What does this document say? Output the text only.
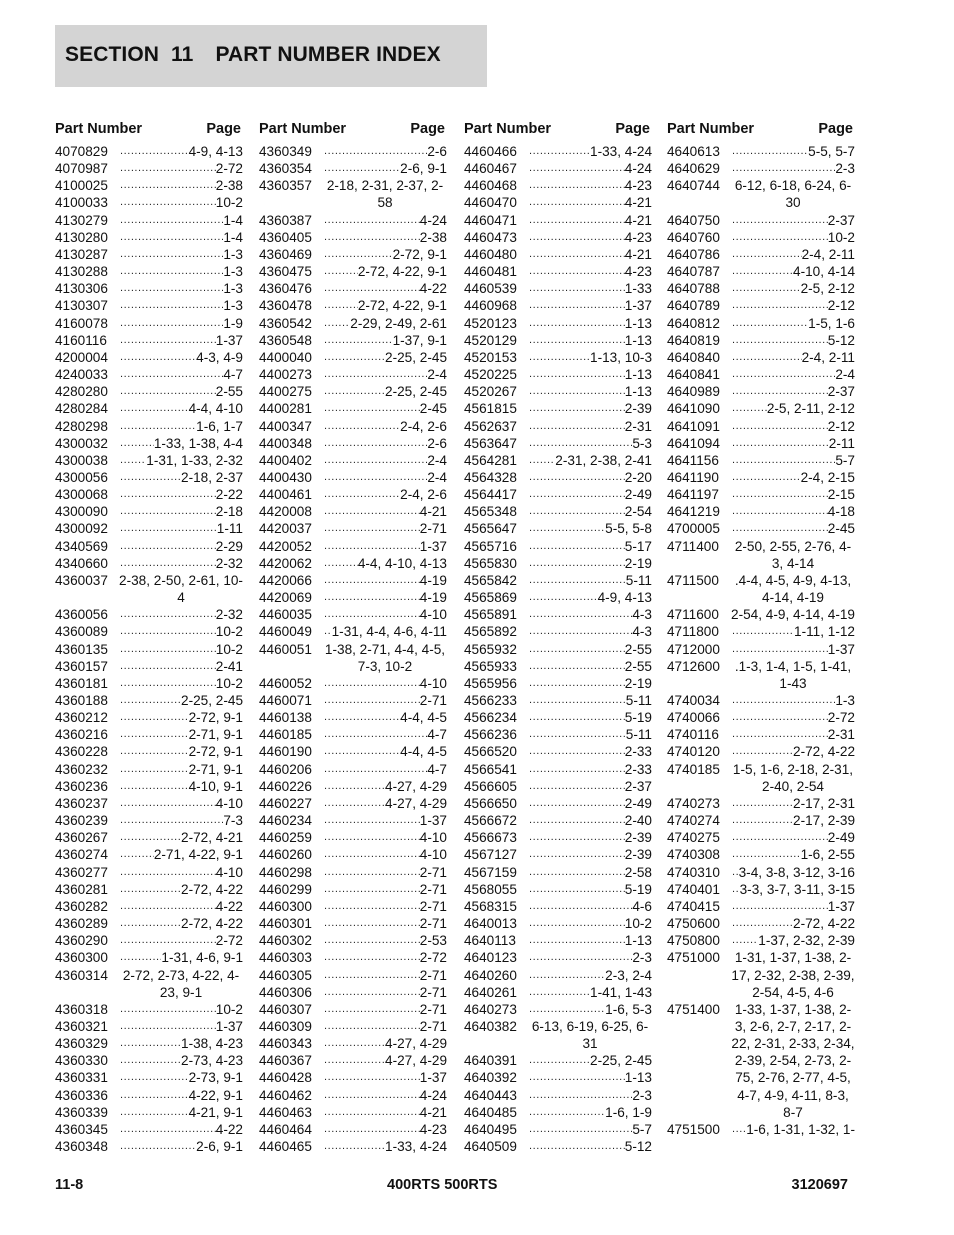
SECTION 11 PART NUMBER INDEX
Part Number	Page
4070829 .....	4-9, 4-13
4070987 .....	2-72
4100025 .....	2-38
4100033 .....	10-2
4130279 .....	1-4
4130280 .....	1-4
4130287 .....	1-3
4130288 .....	1-3
4130306 .....	1-3
4130307 .....	1-3
4160078 .....	1-9
4160116 .....	1-37
4200004 .....	4-3, 4-9
4240033 .....	4-7
4280280 .....	2-55
4280284 .....	4-4, 4-10
4280298 .....	1-6, 1-7
4300032 .....	1-33, 1-38, 4-4
4300038 .....	1-31, 1-33, 2-32
4300056 .....	2-18, 2-37
4300068 .....	2-22
4300090 .....	2-18
4300092 .....	1-11
4340569 .....	2-29
4340660 .....	2-32
4360037 2-38, 2-50, 2-61, 10-4
4360056 .....	2-32
4360089 .....	10-2
4360135 .....	10-2
4360157 .....	2-41
4360181 .....	10-2
4360188 .....	2-25, 2-45
4360212 .....	2-72, 9-1
4360216 .....	2-71, 9-1
4360228 .....	2-72, 9-1
4360232 .....	2-71, 9-1
4360236 .....	4-10, 9-1
4360237 .....	4-10
4360239 .....	7-3
4360267 .....	2-72, 4-21
4360274 .....	2-71, 4-22, 9-1
4360277 .....	4-10
4360281 .....	2-72, 4-22
4360282 .....	4-22
4360289 .....	2-72, 4-22
4360290 .....	2-72
4360300 .....	1-31, 4-6, 9-1
4360314	2-72, 2-73, 4-22, 4-23, 9-1
4360318 .....	10-2
4360321 .....	1-37
4360329 .....	1-38, 4-23
4360330 .....	2-73, 4-23
4360331 .....	2-73, 9-1
4360336 .....	4-22, 9-1
4360339 .....	4-21, 9-1
4360345 .....	4-22
4360348 .....	2-6, 9-1
Part Number	Page
4360349 .....	2-6
4360354 .....	2-6, 9-1
4360357	2-18, 2-31, 2-37, 2-58
4360387 .....	4-24
4360405 .....	2-38
4360469 .....	2-72, 9-1
4360475 .....	2-72, 4-22, 9-1
4360476 .....	4-22
4360478 .....	2-72, 4-22, 9-1
4360542 .....	2-29, 2-49, 2-61
4360548 .....	1-37, 9-1
4400040 .....	2-25, 2-45
4400273 .....	2-4
4400275 .....	2-25, 2-45
4400281 .....	2-45
4400347 .....	2-4, 2-6
4400348 .....	2-6
4400402 .....	2-4
4400430 .....	2-4
4400461 .....	2-4, 2-6
4420008 .....	4-21
4420037 .....	2-71
4420052 .....	1-37
4420062 .....	4-4, 4-10, 4-13
4420066 .....	4-19
4420069 .....	4-19
4460035 .....	4-10
4460049 .....	1-31, 4-4, 4-6, 4-11
4460051 1-38, 2-71, 4-4, 4-5, 7-3, 10-2
4460052 .....	4-10
4460071 .....	2-71
4460138 .....	4-4, 4-5
4460185 .....	4-7
4460190 .....	4-4, 4-5
4460206 .....	4-7
4460226 .....	4-27, 4-29
4460227 .....	4-27, 4-29
4460234 .....	1-37
4460259 .....	4-10
4460260 .....	4-10
4460298 .....	2-71
4460299 .....	2-71
4460300 .....	2-71
4460301 .....	2-71
4460302 .....	2-53
4460303 .....	2-72
4460305 .....	2-71
4460306 .....	2-71
4460307 .....	2-71
4460309 .....	2-71
4460343 .....	4-27, 4-29
4460367 .....	4-27, 4-29
4460428 .....	1-37
4460462 .....	4-24
4460463 .....	4-21
4460464 .....	4-23
4460465 .....	1-33, 4-24
Part Number	Page
4460466 .....	1-33, 4-24
4460467 .....	4-24
4460468 .....	4-23
4460470 .....	4-21
4460471 .....	4-21
4460473 .....	4-23
4460480 .....	4-21
4460481 .....	4-23
4460539 .....	1-33
4460968 .....	1-37
4520123 .....	1-13
4520129 .....	1-13
4520153 .....	1-13, 10-3
4520225 .....	1-13
4520267 .....	1-13
4561815 .....	2-39
4562637 .....	2-31
4563647 .....	5-3
4564281 .....	2-31, 2-38, 2-41
4564328 .....	2-20
4564417 .....	2-49
4565348 .....	2-54
4565647 .....	5-5, 5-8
4565716 .....	5-17
4565830 .....	2-19
4565842 .....	5-11
4565869 .....	4-9, 4-13
4565891 .....	4-3
4565892 .....	4-3
4565932 .....	2-55
4565933 .....	2-55
4565956 .....	2-19
4566233 .....	5-11
4566234 .....	5-19
4566236 .....	5-11
4566520 .....	2-33
4566541 .....	2-33
4566605 .....	2-37
4566650 .....	2-49
4566672 .....	2-40
4566673 .....	2-39
4567127 .....	2-39
4567159 .....	2-58
4568055 .....	5-19
4568315 .....	4-6
4640013 .....	10-2
4640113 .....	1-13
4640123 .....	2-3
4640260 .....	2-3, 2-4
4640261 .....	1-41, 1-43
4640273 .....	1-6, 5-3
4640382	6-13, 6-19, 6-25, 6-31
4640391 .....	2-25, 2-45
4640392 .....	1-13
4640443 .....	2-3
4640485 .....	1-6, 1-9
4640495 .....	5-7
4640509 .....	5-12
Part Number	Page
4640613 .....	5-5, 5-7
4640629 .....	2-3
4640744	6-12, 6-18, 6-24, 6-30
4640750 .....	2-37
4640760 .....	10-2
4640786 .....	2-4, 2-11
4640787 .....	4-10, 4-14
4640788 .....	2-5, 2-12
4640789 .....	2-12
4640812 .....	1-5, 1-6
4640819 .....	5-12
4640840 .....	2-4, 2-11
4640841 .....	2-4
4640989 .....	2-37
4641090 .....	2-5, 2-11, 2-12
4641091 .....	2-12
4641094 .....	2-11
4641156 .....	5-7
4641190 .....	2-4, 2-15
4641197 .....	2-15
4641219 .....	4-18
4700005 .....	2-45
4711400	2-50, 2-55, 2-76, 4-3, 4-14
4711500	.4-4, 4-5, 4-9, 4-13, 4-14, 4-19
4711600 2-54, 4-9, 4-14, 4-19
4711800 .....	1-11, 1-12
4712000 .....	1-37
4712600	.1-3, 1-4, 1-5, 1-41, 1-43
4740034 .....	1-3
4740066 .....	2-72
4740116 .....	2-31
4740120 .....	2-72, 4-22
4740185 1-5, 1-6, 2-18, 2-31, 2-40, 2-54
4740273 .....	2-17, 2-31
4740274 .....	2-17, 2-39
4740275 .....	2-49
4740308 .....	1-6, 2-55
4740310 .....	3-4, 3-8, 3-12, 3-16
4740401 .....	3-3, 3-7, 3-11, 3-15
4740415 .....	1-37
4750600 .....	2-72, 4-22
4750800 .....	1-37, 2-32, 2-39
4751000	1-31, 1-37, 1-38, 2-17, 2-32, 2-38, 2-39, 2-54, 4-5, 4-6
4751400	1-33, 1-37, 1-38, 2-3, 2-6, 2-7, 2-17, 2-22, 2-31, 2-33, 2-34, 2-39, 2-54, 2-73, 2-75, 2-76, 2-77, 4-5, 4-7, 4-9, 4-11, 8-3, 8-7
4751500 .....	1-6, 1-31, 1-32, 1-
11-8	400RTS 500RTS	3120697
